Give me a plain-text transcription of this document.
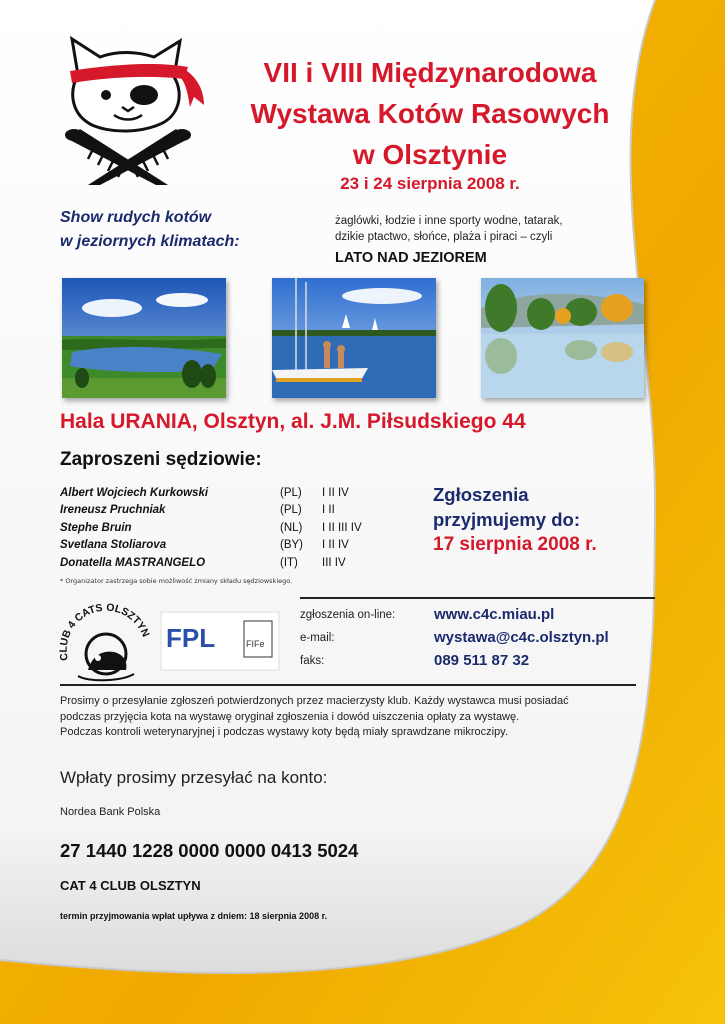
VII i VIII Międzynarodowa
Wystawa Kotów Rasowych
w Olsztynie
23 i 24 sierpnia 2008 r.
Show rudych kotów
w jeziornych klimatach:
żaglówki, łodzie i inne sporty wodne, tatarak,
dzikie ptactwo, słońce, plaża i piraci – czyli
LATO NAD JEZIOREM
Hala URANIA, Olsztyn, al. J.M. Piłsudskiego 44
Zaproszeni sędziowie:
Albert Wojciech Kurkowski	(PL)	I II IV
Ireneusz Pruchniak	(PL)	I II
Stephe Bruin	(NL)	I II III IV
Svetlana Stoliarova	(BY)	I II IV
Donatella MASTRANGELO	(IT)	III IV
* Organizator zastrzega sobie możliwość zmiany składu sędziowskiego.
Zgłoszenia
przyjmujemy do:
17 sierpnia 2008 r.
CLUB 4 CATS OLSZTYN FPL	FIFe
zgłoszenia on-line:	www.c4c.miau.pl
e-mail:	wystawa@c4c.olsztyn.pl
faks:	089 511 87 32
Prosimy o przesyłanie zgłoszeń potwierdzonych przez macierzysty klub. Każdy wystawca musi posiadać
podczas przyjęcia kota na wystawę oryginał zgłoszenia i dowód uiszczenia opłaty za wystawę.
Podczas kontroli weterynaryjnej i podczas wystawy koty będą miały sprawdzane mikroczipy.
Wpłaty prosimy przesyłać na konto:
Nordea Bank Polska
27 1440 1228 0000 0000 0413 5024
CAT 4 CLUB OLSZTYN
termin przyjmowania wpłat upływa z dniem: 18 sierpnia 2008 r.
